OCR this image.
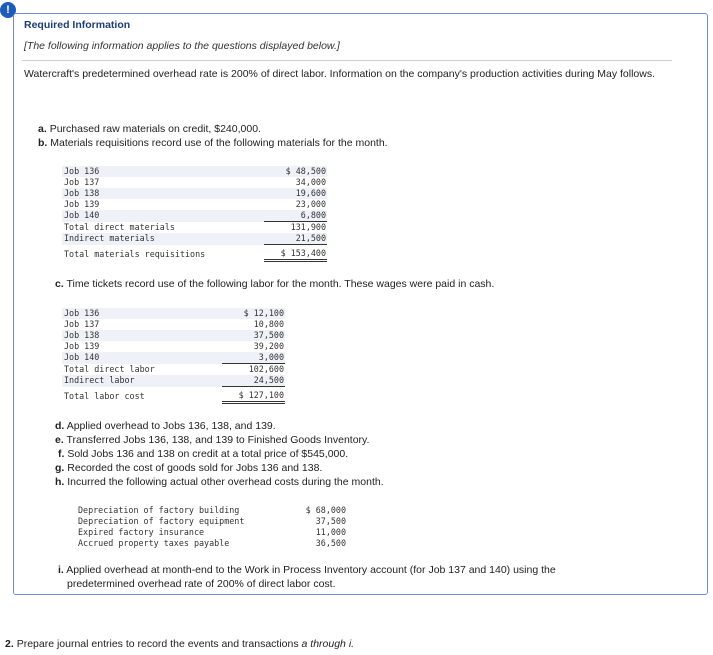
!
Required Information
[The following information applies to the questions displayed below.]
Watercraft's predetermined overhead rate is 200% of direct labor. Information on the company's production activities during May follows.
a. Purchased raw materials on credit, $240,000.
b. Materials requisitions record use of the following materials for the month.
Job 136	$ 48,500
Job 137	34,000
Job 138	19,600
Job 139	23,000
Job 140	6,800
Total direct materials	131,900
Indirect materials	21,500
Total materials requisitions	$ 153,400
c. Time tickets record use of the following labor for the month. These wages were paid in cash.
Job 136	$ 12,100
Job 137	10,800
Job 138	37,500
Job 139	39,200
Job 140	3,000
Total direct labor	102,600
Indirect labor	24,500
Total labor cost	$ 127,100
d. Applied overhead to Jobs 136, 138, and 139.
e. Transferred Jobs 136, 138, and 139 to Finished Goods Inventory.
f. Sold Jobs 136 and 138 on credit at a total price of $545,000.
g. Recorded the cost of goods sold for Jobs 136 and 138.
h. Incurred the following actual other overhead costs during the month.
Depreciation of factory building	$ 68,000
Depreciation of factory equipment	37,500
Expired factory insurance	11,000
Accrued property taxes payable	36,500
i. Applied overhead at month-end to the Work in Process Inventory account (for Job 137 and 140) using the
predetermined overhead rate of 200% of direct labor cost.
2. Prepare journal entries to record the events and transactions a through i.
